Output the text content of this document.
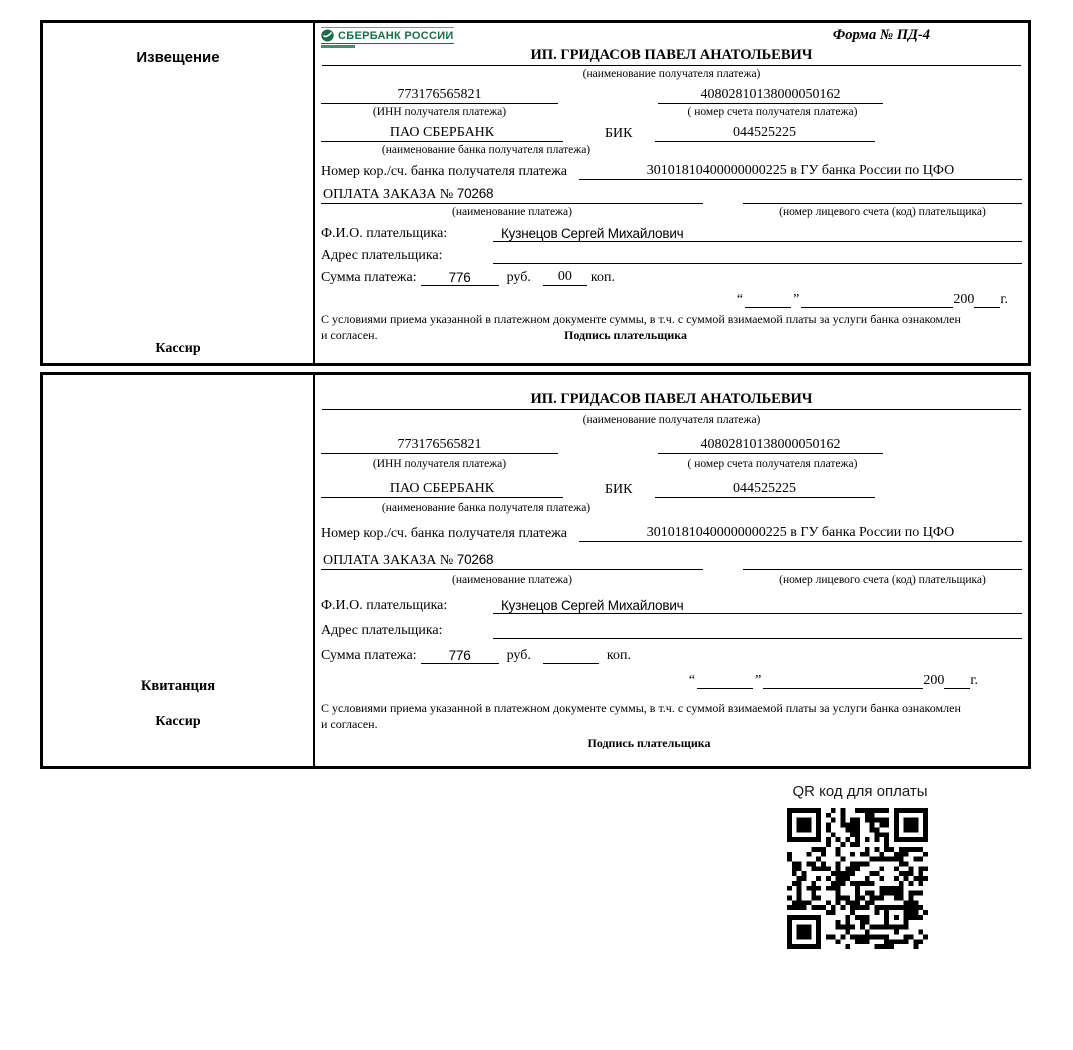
Извещение
Кассир
СБЕРБАНК РОССИИ	Форма № ПД-4
ИП. ГРИДАСОВ ПАВЕЛ АНАТОЛЬЕВИЧ
(наименование получателя платежа)
773176565821	40802810138000050162
(ИНН получателя платежа)	( номер счета получателя платежа)
ПАО СБЕРБАНК	БИК	044525225
(наименование банка получателя платежа)
Номер кор./сч. банка получателя платежа	30101810400000000225 в ГУ банка России по ЦФО
ОПЛАТА ЗАКАЗА № 70268
(наименование платежа)	(номер лицевого счета (код) плательщика)
Ф.И.О. плательщика:	Кузнецов Сергей Михайлович
Адрес плательщика:
Сумма платежа:	776	руб.	00	коп.
“	”	200 г.
С условиями приема указанной в платежном документе суммы, в т.ч. с суммой взимаемой платы за услуги банка ознакомлен и согласен.	Подпись плательщика
Квитанция
Кассир
ИП. ГРИДАСОВ ПАВЕЛ АНАТОЛЬЕВИЧ
(наименование получателя платежа)
773176565821	40802810138000050162
(ИНН получателя платежа)	( номер счета получателя платежа)
ПАО СБЕРБАНК	БИК	044525225
(наименование банка получателя платежа)
Номер кор./сч. банка получателя платежа	30101810400000000225 в ГУ банка России по ЦФО
ОПЛАТА ЗАКАЗА № 70268
(наименование платежа)	(номер лицевого счета (код) плательщика)
Ф.И.О. плательщика:	Кузнецов Сергей Михайлович
Адрес плательщика:
Сумма платежа:	776	руб.	коп.
“	”	200 г.
С условиями приема указанной в платежном документе суммы, в т.ч. с суммой взимаемой платы за услуги банка ознакомлен и согласен.
Подпись плательщика
QR код для оплаты
